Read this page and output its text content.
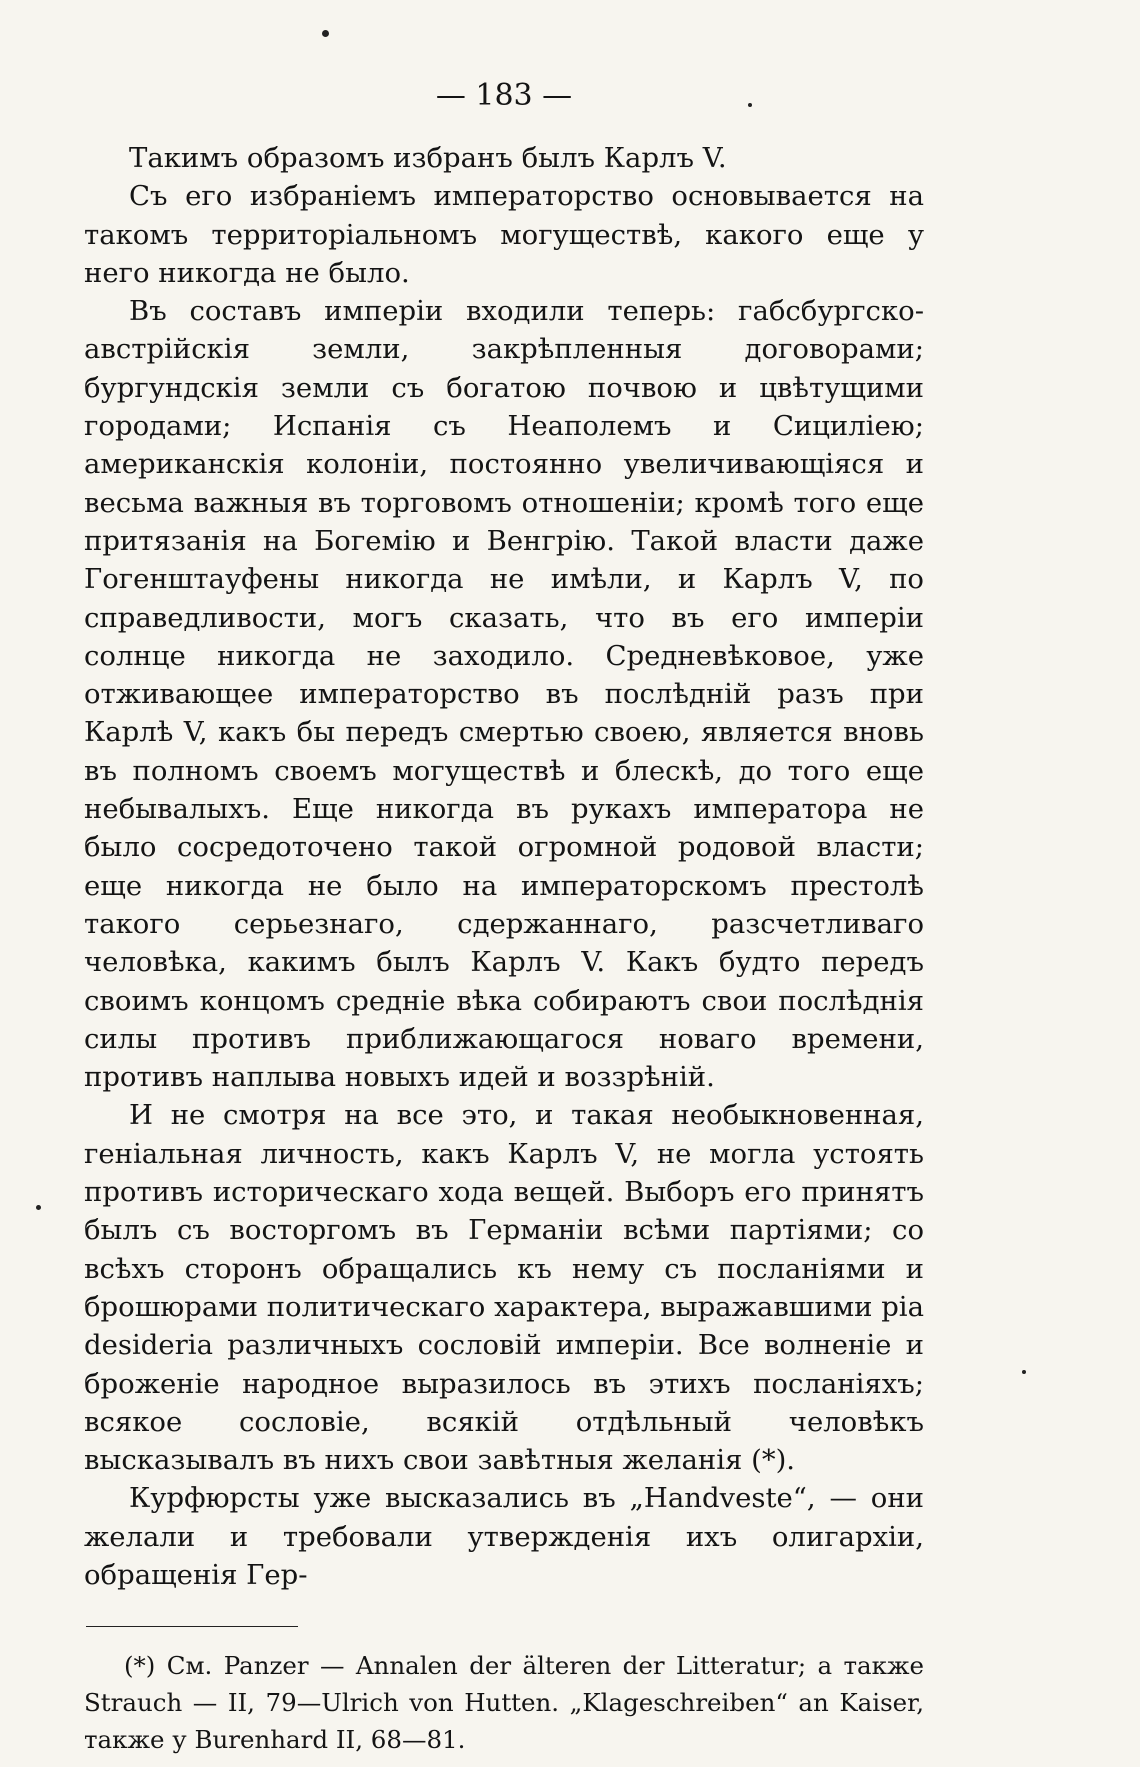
— 183 —

Такимъ образомъ избранъ былъ Карлъ V.

Съ его избраніемъ императорство основывается на такомъ территоріальномъ могуществѣ, какого еще у него никогда не было.

Въ составъ имперіи входили теперь: габсбургско-австрійскія земли, закрѣпленныя договорами; бургундскія земли съ богатою почвою и цвѣтущими городами; Испанія съ Неаполемъ и Сициліею; американскія колоніи, постоянно увеличивающіяся и весьма важныя въ торговомъ отношеніи; кромѣ того еще притязанія на Богемію и Венгрію. Такой власти даже Гогенштауфены никогда не имѣли, и Карлъ V, по справедливости, могъ сказать, что въ его имперіи солнце никогда не заходило. Средневѣковое, уже отживающее императорство въ послѣдній разъ при Карлѣ V, какъ бы передъ смертью своею, является вновь въ полномъ своемъ могуществѣ и блескѣ, до того еще небывалыхъ. Еще никогда въ рукахъ императора не было сосредоточено такой огромной родовой власти; еще никогда не было на императорскомъ престолѣ такого серьезнаго, сдержаннаго, разсчетливаго человѣка, какимъ былъ Карлъ V. Какъ будто передъ своимъ концомъ средніе вѣка собираютъ свои послѣднія силы противъ приближающагося новаго времени, противъ наплыва новыхъ идей и воззрѣній.

И не смотря на все это, и такая необыкновенная, геніальная личность, какъ Карлъ V, не могла устоять противъ историческаго хода вещей. Выборъ его принятъ былъ съ восторгомъ въ Германіи всѣми партіями; со всѣхъ сторонъ обращались къ нему съ посланіями и брошюрами политическаго характера, выражавшими pia desideria различныхъ сословій имперіи. Все волненіе и броженіе народное выразилось въ этихъ посланіяхъ; всякое сословіе, всякій отдѣльный человѣкъ высказывалъ въ нихъ свои завѣтныя желанія (*).

Курфюрсты уже высказались въ „Handveste“, — они желали и требовали утвержденія ихъ олигархіи, обращенія Гер-

(*) См. Panzer — Annalen der älteren der Litteratur; а также Strauch — II, 79—Ulrich von Hutten. „Klageschreiben“ an Kaiser, также у Burenhard II, 68—81.
